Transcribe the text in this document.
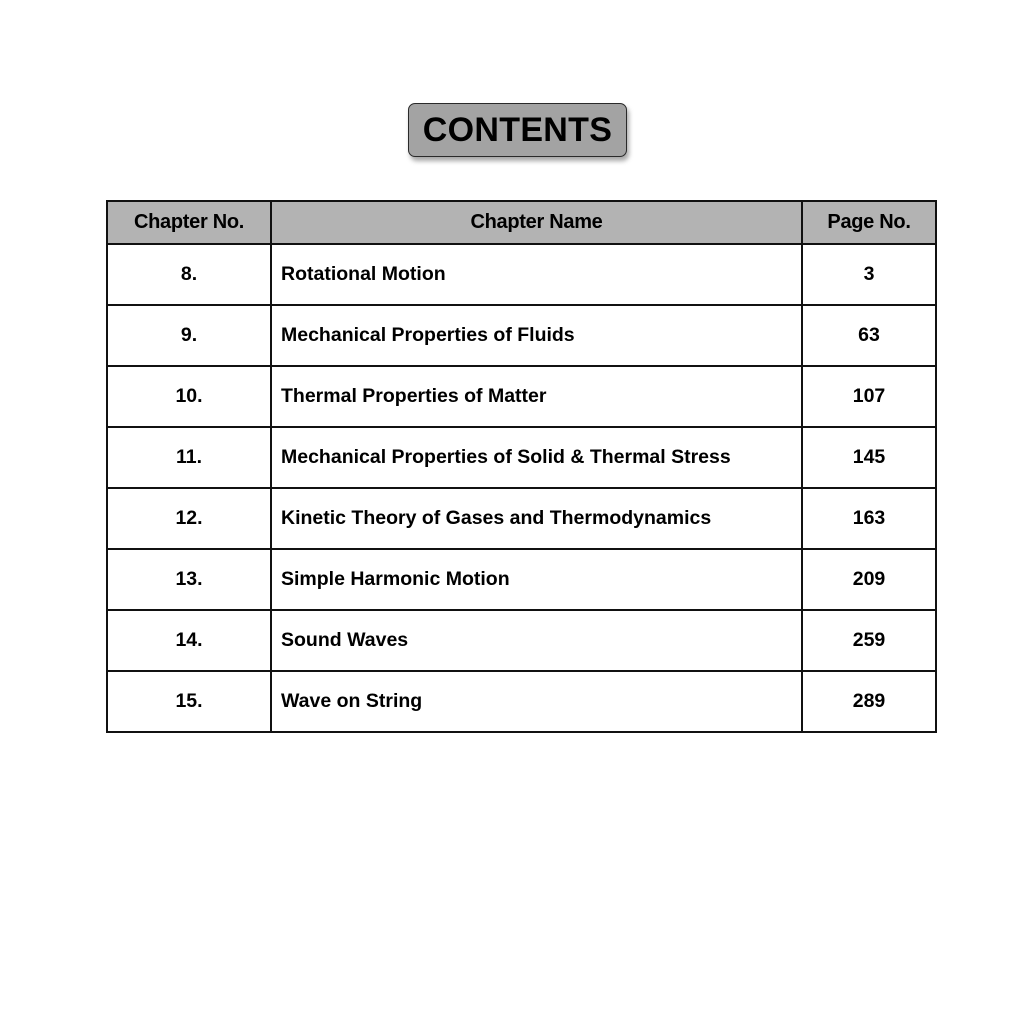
CONTENTS
Chapter No.	Chapter Name	Page No.
8.	Rotational Motion	3
9.	Mechanical Properties of Fluids	63
10.	Thermal Properties of Matter	107
11.	Mechanical Properties of Solid & Thermal Stress	145
12.	Kinetic Theory of Gases and Thermodynamics	163
13.	Simple Harmonic Motion	209
14.	Sound Waves	259
15.	Wave on String	289
